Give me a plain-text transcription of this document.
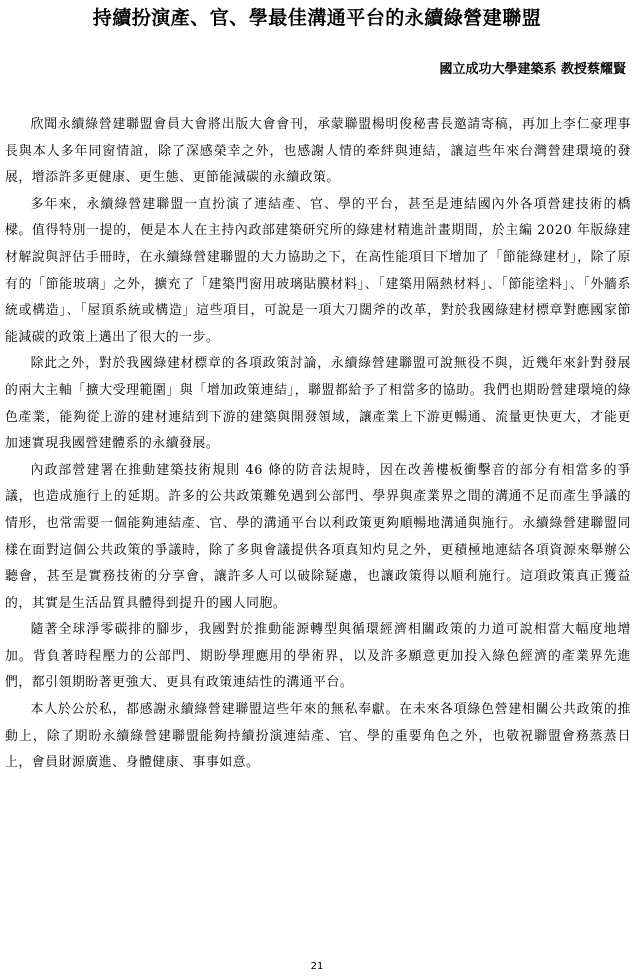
持續扮演產、官、學最佳溝通平台的永續綠營建聯盟

國立成功大學建築系 教授蔡耀賢

欣聞永續綠營建聯盟會員大會將出版大會會刊，承蒙聯盟楊明俊秘書長邀請寄稿，再加上李仁豪理事長與本人多年同窗情誼，除了深感榮幸之外，也感謝人情的牽絆與連結，讓這些年來台灣營建環境的發展，增添許多更健康、更生態、更節能減碳的永續政策。

多年來，永續綠營建聯盟一直扮演了連結產、官、學的平台，甚至是連結國內外各項營建技術的橋樑。值得特別一提的，便是本人在主持內政部建築研究所的綠建材精進計畫期間，於主編 2020 年版綠建材解說與評估手冊時，在永續綠營建聯盟的大力協助之下，在高性能項目下增加了「節能綠建材」，除了原有的「節能玻璃」之外，擴充了「建築門窗用玻璃貼膜材料」、「建築用隔熱材料」、「節能塗料」、「外牆系統或構造」、「屋頂系統或構造」這些項目，可說是一項大刀闊斧的改革，對於我國綠建材標章對應國家節能減碳的政策上邁出了很大的一步。

除此之外，對於我國綠建材標章的各項政策討論，永續綠營建聯盟可說無役不與，近幾年來針對發展的兩大主軸「擴大受理範圍」與「增加政策連結」，聯盟都給予了相當多的協助。我們也期盼營建環境的綠色產業，能夠從上游的建材連結到下游的建築與開發領域，讓產業上下游更暢通、流量更快更大，才能更加速實現我國營建體系的永續發展。

內政部營建署在推動建築技術規則 46 條的防音法規時，因在改善樓板衝擊音的部分有相當多的爭議，也造成施行上的延期。許多的公共政策難免遇到公部門、學界與產業界之間的溝通不足而產生爭議的情形，也常需要一個能夠連結產、官、學的溝通平台以利政策更夠順暢地溝通與施行。永續綠營建聯盟同樣在面對這個公共政策的爭議時，除了多與會議提供各項真知灼見之外，更積極地連結各項資源來舉辦公聽會，甚至是實務技術的分享會，讓許多人可以破除疑慮，也讓政策得以順利施行。這項政策真正獲益的，其實是生活品質具體得到提升的國人同胞。

隨著全球淨零碳排的腳步，我國對於推動能源轉型與循環經濟相關政策的力道可說相當大幅度地增加。背負著時程壓力的公部門、期盼學理應用的學術界，以及許多願意更加投入綠色經濟的產業界先進們，都引領期盼著更強大、更具有政策連結性的溝通平台。

本人於公於私，都感謝永續綠營建聯盟這些年來的無私奉獻。在未來各項綠色營建相關公共政策的推動上，除了期盼永續綠營建聯盟能夠持續扮演連結產、官、學的重要角色之外，也敬祝聯盟會務蒸蒸日上，會員財源廣進、身體健康、事事如意。

21
